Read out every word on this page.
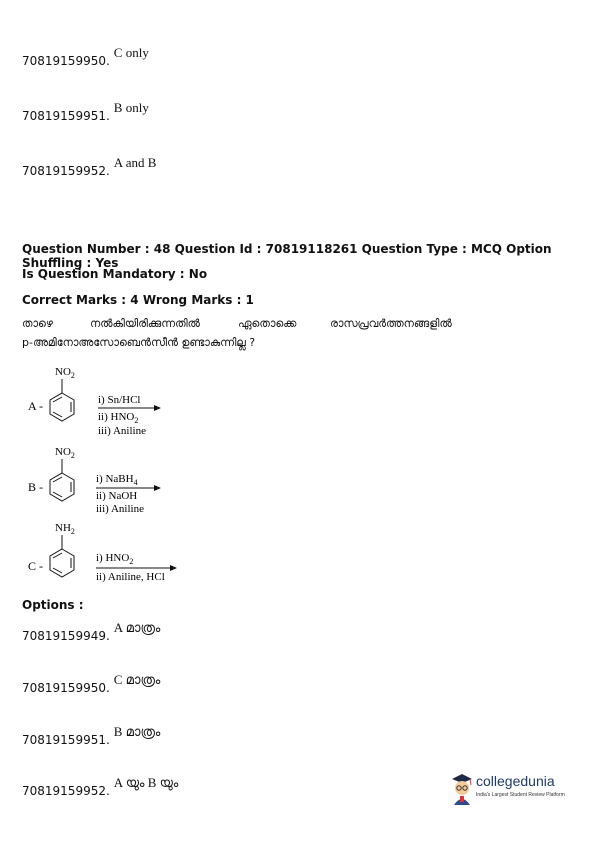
70819159950.C only
70819159951.B only
70819159952.A and B
Question Number : 48 Question Id : 70819118261 Question Type : MCQ Option Shuffling : Yes
Is Question Mandatory : No
Correct Marks : 4 Wrong Marks : 1
താഴെ	നൽകിയിരിക്കുന്നതിൽ	ഏതൊക്കെ	രാസപ്രവർത്തനങ്ങളിൽ
p-അമിനോഅസോബെൻസീൻ ഉണ്ടാകുന്നില്ല ?
A -
$NO_2$
i) Sn/HCl
ii) $HNO_2$
iii) Aniline
B -
$NO_2$
i) NaBH$_4$
ii) NaOH
iii) Aniline
C -
$NH_2$
i) $HNO_2$
ii) Aniline, HCl
Options :
70819159949.A മാത്രം
70819159950.C മാത്രം
70819159951.B മാത്രം
70819159952.A യും B യും	collegedunia
India's Largest Student Review Platform
